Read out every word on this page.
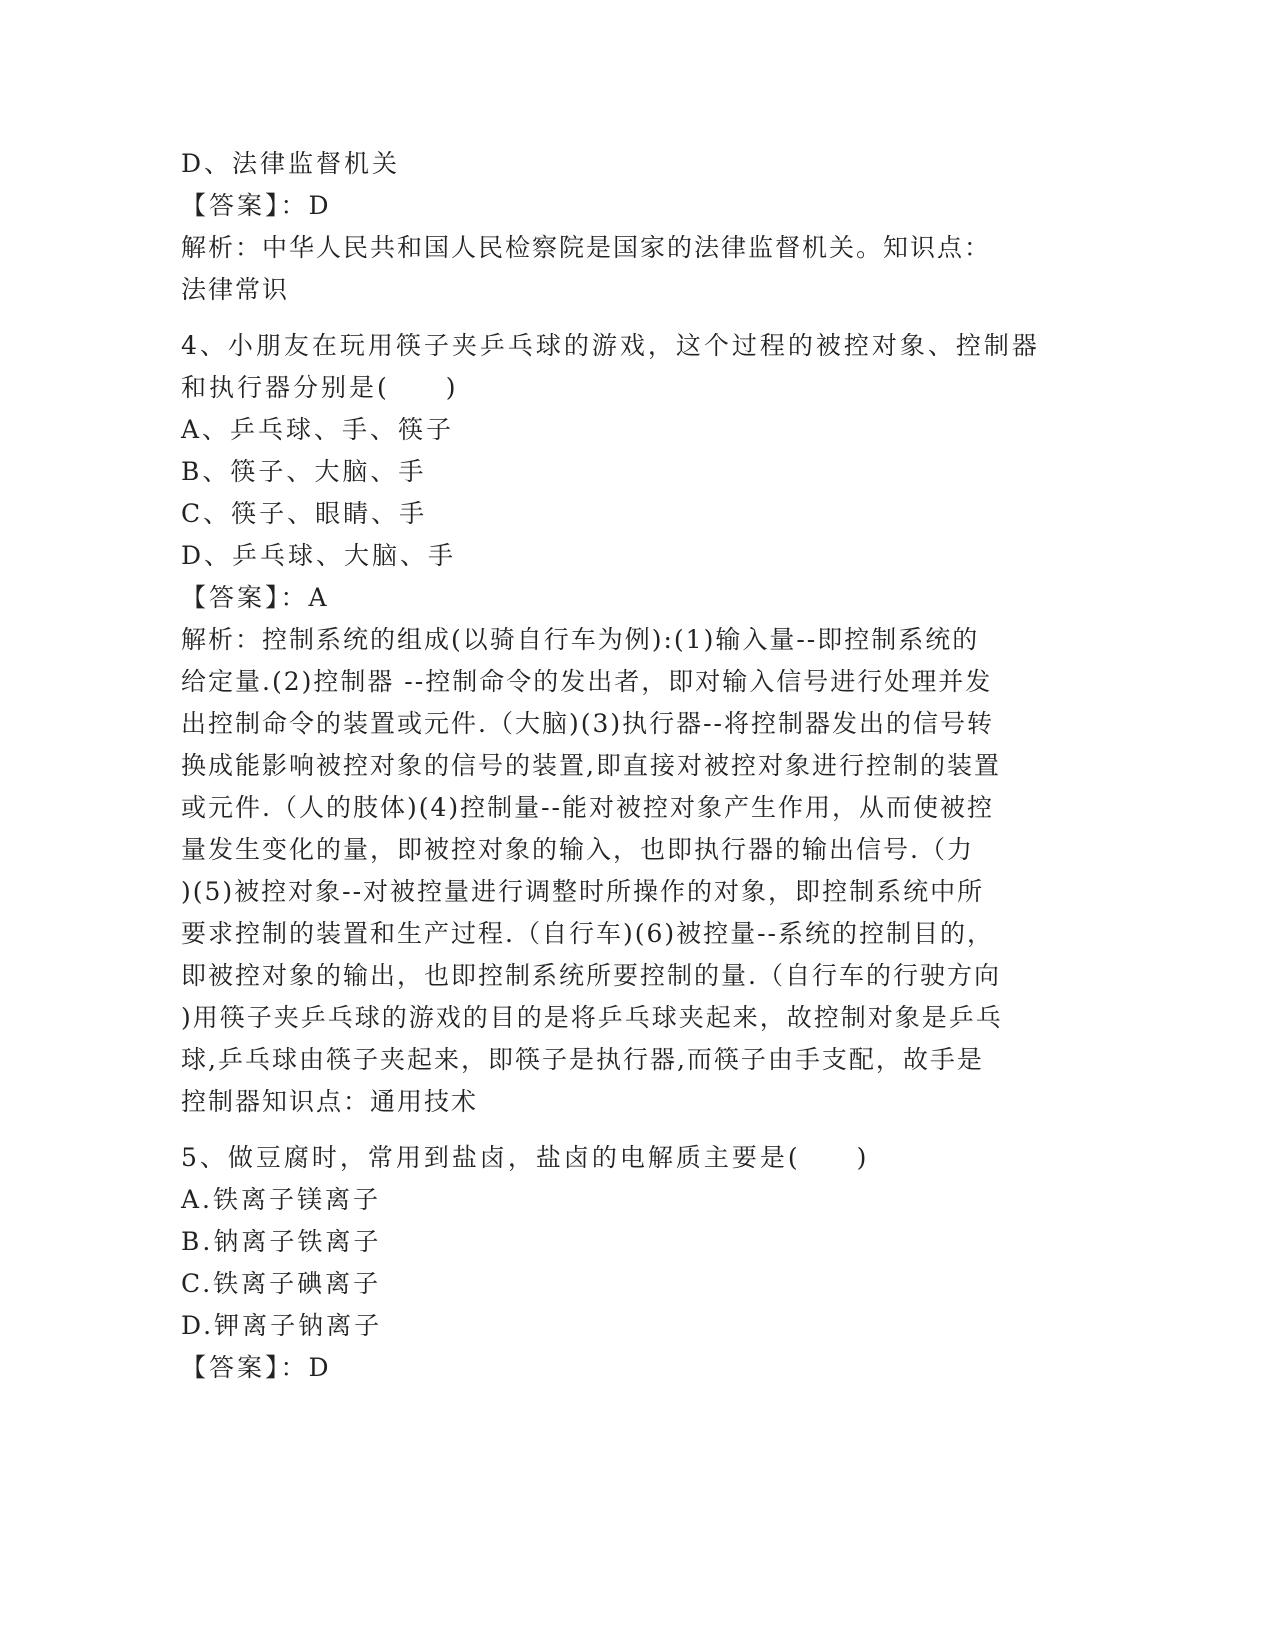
D、法律监督机关
【答案】：D
解析：中华人民共和国人民检察院是国家的法律监督机关。知识点：
法律常识
4、小朋友在玩用筷子夹乒乓球的游戏，这个过程的被控对象、控制器
和执行器分别是(　　)
A、乒乓球、手、筷子
B、筷子、大脑、手
C、筷子、眼睛、手
D、乒乓球、大脑、手
【答案】：A
解析：控制系统的组成(以骑自行车为例):(1)输入量--即控制系统的
给定量.(2)控制器 --控制命令的发出者，即对输入信号进行处理并发
出控制命令的装置或元件.（大脑)(3)执行器--将控制器发出的信号转
换成能影响被控对象的信号的装置,即直接对被控对象进行控制的装置
或元件.（人的肢体)(4)控制量--能对被控对象产生作用，从而使被控
量发生变化的量，即被控对象的输入，也即执行器的输出信号.（力
)(5)被控对象--对被控量进行调整时所操作的对象，即控制系统中所
要求控制的装置和生产过程.（自行车)(6)被控量--系统的控制目的，
即被控对象的输出，也即控制系统所要控制的量.（自行车的行驶方向
)用筷子夹乒乓球的游戏的目的是将乒乓球夹起来，故控制对象是乒乓
球,乒乓球由筷子夹起来，即筷子是执行器,而筷子由手支配，故手是
控制器知识点：通用技术
5、做豆腐时，常用到盐卤，盐卤的电解质主要是(　　)
A.铁离子镁离子
B.钠离子铁离子
C.铁离子碘离子
D.钾离子钠离子
【答案】：D
